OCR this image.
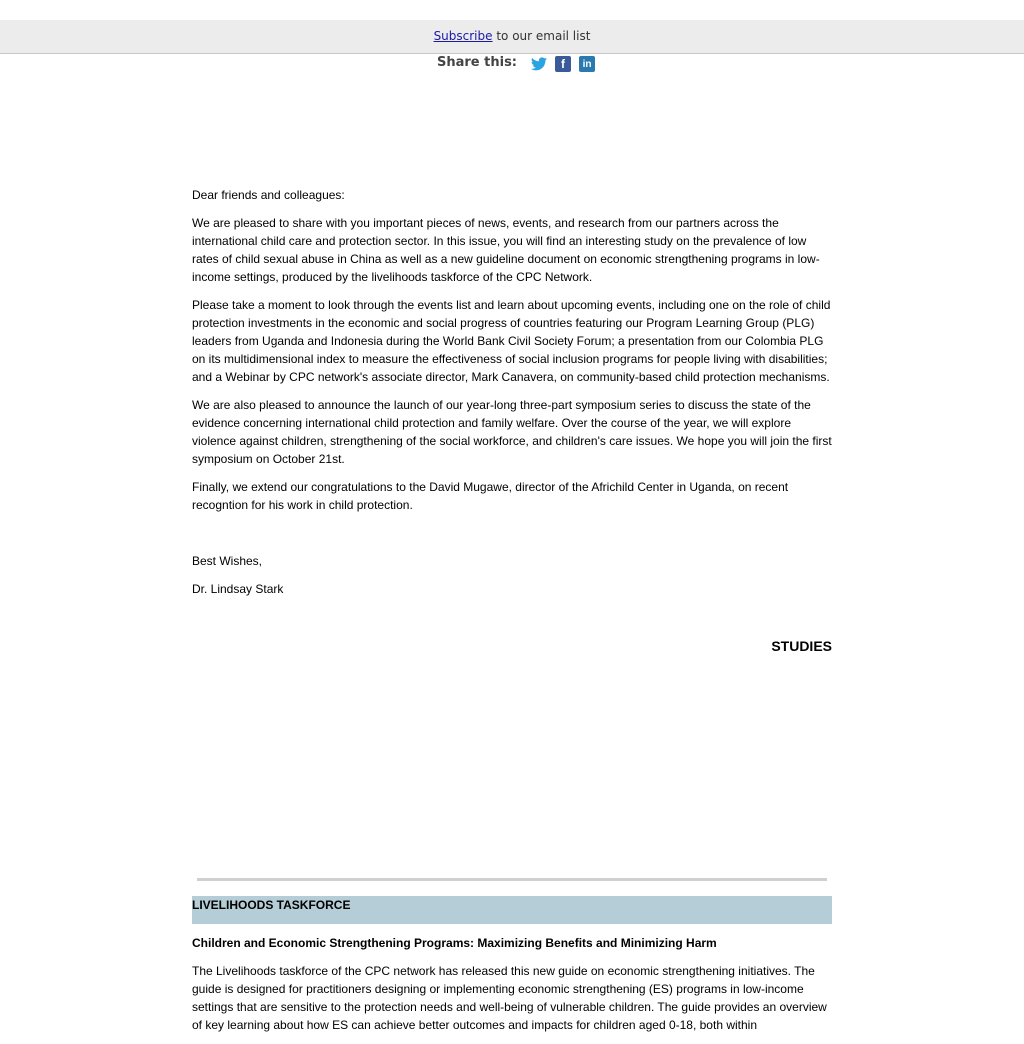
Subscribe to our email list
Share this:	f	in

Dear friends and colleagues:

We are pleased to share with you important pieces of news, events, and research from our partners across the international child care and protection sector. In this issue, you will find an interesting study on the prevalence of low rates of child sexual abuse in China as well as a new guideline document on economic strengthening programs in low-income settings, produced by the livelihoods taskforce of the CPC Network.

Please take a moment to look through the events list and learn about upcoming events, including one on the role of child protection investments in the economic and social progress of countries featuring our Program Learning Group (PLG) leaders from Uganda and Indonesia during the World Bank Civil Society Forum; a presentation from our Colombia PLG on its multidimensional index to measure the effectiveness of social inclusion programs for people living with disabilities; and a Webinar by CPC network's associate director, Mark Canavera, on community-based child protection mechanisms.

We are also pleased to announce the launch of our year-long three-part symposium series to discuss the state of the evidence concerning international child protection and family welfare. Over the course of the year, we will explore violence against children, strengthening of the social workforce, and children's care issues. We hope you will join the first symposium on October 21st.

Finally, we extend our congratulations to the David Mugawe, director of the Africhild Center in Uganda, on recent recogntion for his work in child protection.

Best Wishes,

Dr. Lindsay Stark

STUDIES
LIVELIHOODS TASKFORCE

Children and Economic Strengthening Programs: Maximizing Benefits and Minimizing Harm

The Livelihoods taskforce of the CPC network has released this new guide on economic strengthening initiatives. The guide is designed for practitioners designing or implementing economic strengthening (ES) programs in low-income settings that are sensitive to the protection needs and well-being of vulnerable children. The guide provides an overview of key learning about how ES can achieve better outcomes and impacts for children aged 0-18, both within
